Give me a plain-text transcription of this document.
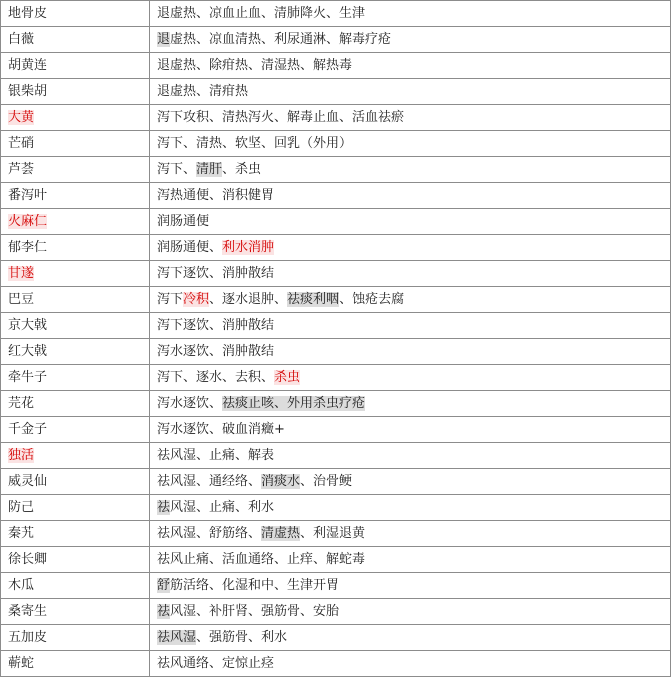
地骨皮	退虚热、凉血止血、清肺降火、生津
白薇	退虚热、凉血清热、利尿通淋、解毒疗疮
胡黄连	退虚热、除疳热、清湿热、解热毒
银柴胡	退虚热、清疳热
大黄	泻下攻积、清热泻火、解毒止血、活血祛瘀
芒硝	泻下、清热、软坚、回乳（外用）
芦荟	泻下、清肝、杀虫
番泻叶	泻热通便、消积健胃
火麻仁	润肠通便
郁李仁	润肠通便、利水消肿
甘遂	泻下逐饮、消肿散结
巴豆	泻下冷积、逐水退肿、祛痰利咽、蚀疮去腐
京大戟	泻下逐饮、消肿散结
红大戟	泻水逐饮、消肿散结
牵牛子	泻下、逐水、去积、杀虫
芫花	泻水逐饮、祛痰止咳、外用杀虫疗疮
千金子	泻水逐饮、破血消癥+
独活	祛风湿、止痛、解表
威灵仙	祛风湿、通经络、消痰水、治骨鲠
防己	祛风湿、止痛、利水
秦艽	祛风湿、舒筋络、清虚热、利湿退黄
徐长卿	祛风止痛、活血通络、止痒、解蛇毒
木瓜	舒筋活络、化湿和中、生津开胃
桑寄生	祛风湿、补肝肾、强筋骨、安胎
五加皮	祛风湿、强筋骨、利水
蕲蛇	祛风通络、定惊止痉
